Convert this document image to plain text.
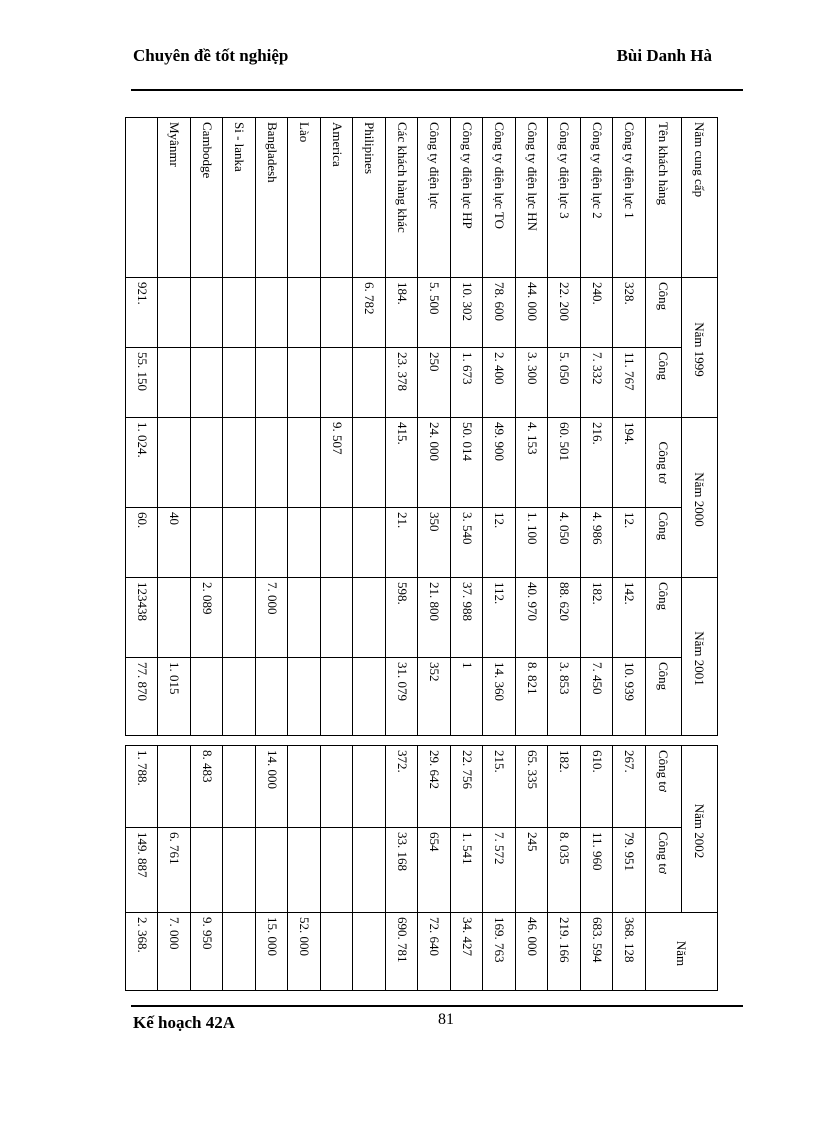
Chuyên đề tốt nghiệp	Bùi Danh Hà
Năm cung cấp	Năm 1999		Năm 2000		Năm 2001	
Tên khách hàng	Công	Công	Công tơ	Công	Công	Công
Công ty điện lực 1	328.	11. 767	194.	12.	142.	10. 939
Công ty điện lực 2	240.	7. 332	216.	4. 986	182.	7. 450
Công ty điện lực 3	22. 200	5. 050	60. 501	4. 050	88. 620	3. 853
Công ty điện lực HN	44. 000	3. 300	4. 153	1. 100	40. 970	8. 821
Công ty điện lực TO	78. 600	2. 400	49. 900	12.	112.	14. 360
Công ty điện lực HP	10. 302	1. 673	50. 014	3. 540	37. 988	1
Công ty điện lực	5. 500	250	24. 000	350	21. 800	352
Các khách hàng khác	184.	23. 378	415.	21.	598.	31. 079
Philipines	6. 782					
America			9. 507			
Lào						
Bangladesh					7. 000	
Si - lanka						
Cambodge					2. 089	
Myânmr				40		1. 015
	921.	55. 150	1. 024.	60.	123438	77. 870
Năm 2002		Năm
Công tơ	Công tơ	
267.	79. 951	368. 128
610.	11. 960	683. 594
182.	8. 035	219. 166
65. 335	245	46. 000
215.	7. 572	169. 763
22. 756	1. 541	34. 427
29. 642	654	72. 640
372.	33. 168	690. 781

		52. 000
14. 000		15. 000

8. 483		9. 950
	6. 761	7. 000
1. 788.	149. 887	2. 368.
Kế hoạch 42A	81
